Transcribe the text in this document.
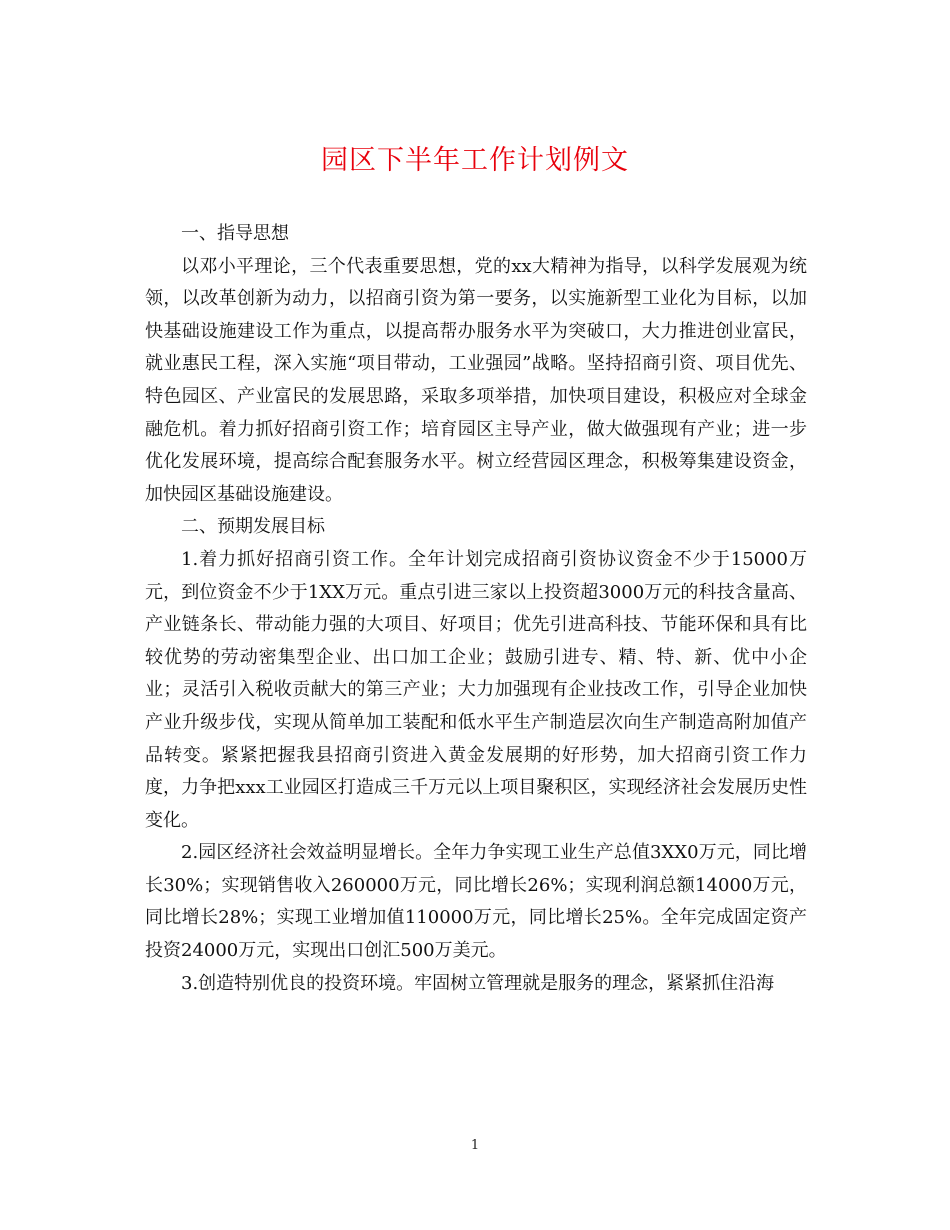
园区下半年工作计划例文

一、指导思想

以邓小平理论，三个代表重要思想，党的xx大精神为指导，以科学发展观为统领，以改革创新为动力，以招商引资为第一要务，以实施新型工业化为目标，以加快基础设施建设工作为重点，以提高帮办服务水平为突破口，大力推进创业富民，就业惠民工程，深入实施“项目带动，工业强园”战略。坚持招商引资、项目优先、特色园区、产业富民的发展思路，采取多项举措，加快项目建设，积极应对全球金融危机。着力抓好招商引资工作；培育园区主导产业，做大做强现有产业；进一步优化发展环境，提高综合配套服务水平。树立经营园区理念，积极筹集建设资金，加快园区基础设施建设。

二、预期发展目标

1.着力抓好招商引资工作。全年计划完成招商引资协议资金不少于15000万元，到位资金不少于1XX万元。重点引进三家以上投资超3000万元的科技含量高、产业链条长、带动能力强的大项目、好项目；优先引进高科技、节能环保和具有比较优势的劳动密集型企业、出口加工企业；鼓励引进专、精、特、新、优中小企业；灵活引入税收贡献大的第三产业；大力加强现有企业技改工作，引导企业加快产业升级步伐，实现从简单加工装配和低水平生产制造层次向生产制造高附加值产品转变。紧紧把握我县招商引资进入黄金发展期的好形势，加大招商引资工作力度，力争把xxx工业园区打造成三千万元以上项目聚积区，实现经济社会发展历史性变化。

2.园区经济社会效益明显增长。全年力争实现工业生产总值3XX0万元，同比增长30%；实现销售收入260000万元，同比增长26%；实现利润总额14000万元，同比增长28%；实现工业增加值110000万元，同比增长25%。全年完成固定资产投资24000万元，实现出口创汇500万美元。

3.创造特别优良的投资环境。牢固树立管理就是服务的理念，紧紧抓住沿海

1
